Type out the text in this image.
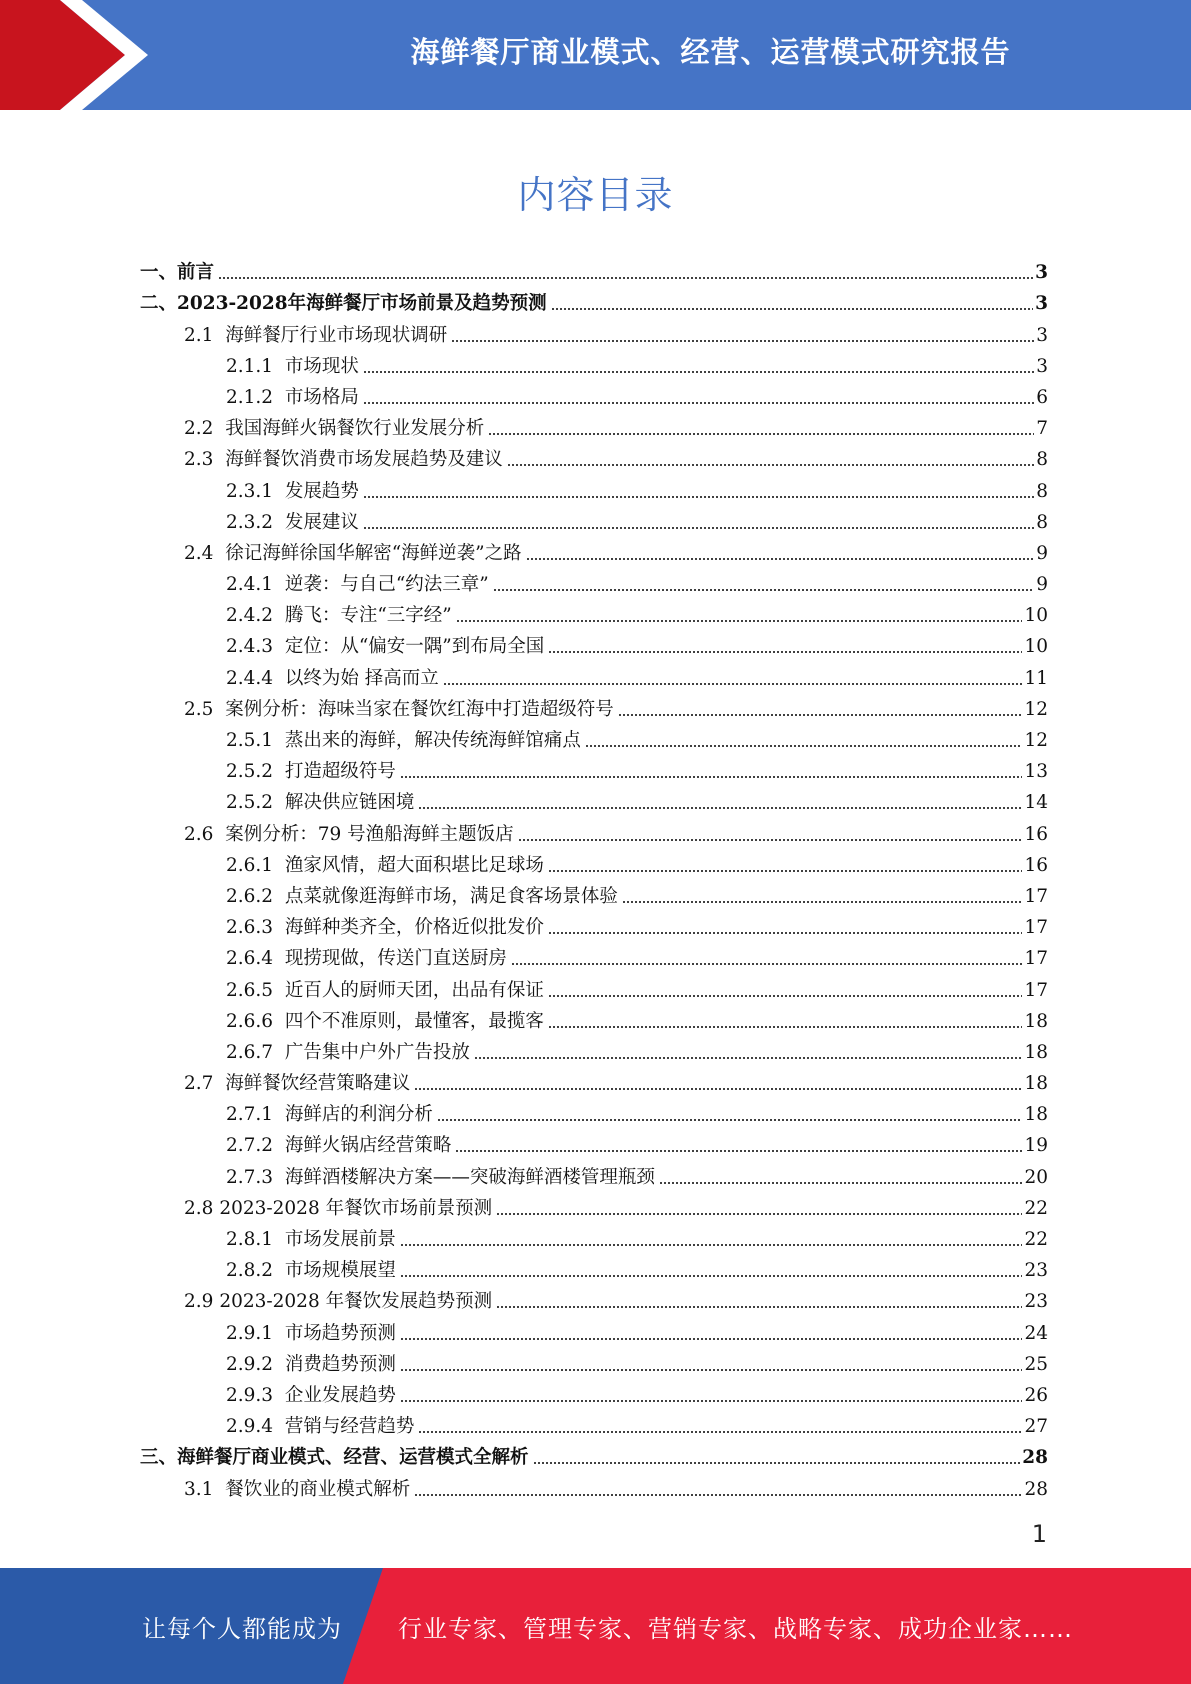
海鲜餐厅商业模式、经营、运营模式研究报告
内容目录
一、 前言	3
二、 2023-2028年海鲜餐厅市场前景及趋势预测	3
2.1 海鲜餐厅行业市场现状调研	3
2.1.1 市场现状	3
2.1.2 市场格局	6
2.2 我国海鲜火锅餐饮行业发展分析	7
2.3 海鲜餐饮消费市场发展趋势及建议	8
2.3.1 发展趋势	8
2.3.2 发展建议	8
2.4 徐记海鲜徐国华解密“海鲜逆袭”之路	9
2.4.1 逆袭：与自己“约法三章”	9
2.4.2 腾飞：专注“三字经”	10
2.4.3 定位：从“偏安一隅”到布局全国	10
2.4.4 以终为始 择高而立	11
2.5 案例分析：海味当家在餐饮红海中打造超级符号	12
2.5.1 蒸出来的海鲜，解决传统海鲜馆痛点	12
2.5.2 打造超级符号	13
2.5.2 解决供应链困境	14
2.6 案例分析：79 号渔船海鲜主题饭店	16
2.6.1 渔家风情，超大面积堪比足球场	16
2.6.2 点菜就像逛海鲜市场，满足食客场景体验	17
2.6.3 海鲜种类齐全，价格近似批发价	17
2.6.4 现捞现做，传送门直送厨房	17
2.6.5 近百人的厨师天团，出品有保证	17
2.6.6 四个不准原则，最懂客，最揽客	18
2.6.7 广告集中户外广告投放	18
2.7 海鲜餐饮经营策略建议	18
2.7.1 海鲜店的利润分析	18
2.7.2 海鲜火锅店经营策略	19
2.7.3 海鲜酒楼解决方案——突破海鲜酒楼管理瓶颈	20
2.8 2023-2028 年餐饮市场前景预测	22
2.8.1 市场发展前景	22
2.8.2 市场规模展望	23
2.9 2023-2028 年餐饮发展趋势预测	23
2.9.1 市场趋势预测	24
2.9.2 消费趋势预测	25
2.9.3 企业发展趋势	26
2.9.4 营销与经营趋势	27
三、 海鲜餐厅商业模式、经营、运营模式全解析	28
3.1 餐饮业的商业模式解析	28
1
让每个人都能成为 行业专家、管理专家、营销专家、战略专家、成功企业家……
